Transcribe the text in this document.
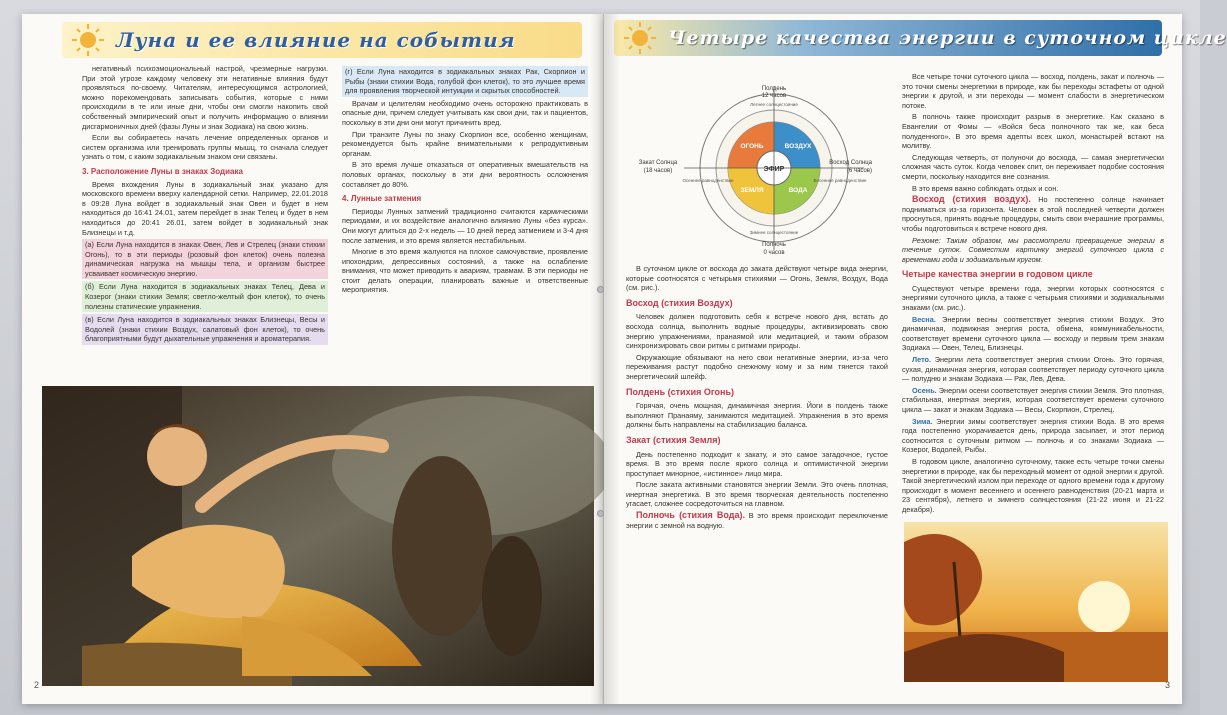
Луна и ее влияние на события

негативный психоэмоциональный настрой, чрезмерные нагрузки. При этой угрозе каждому человеку эти негативные влияния будут проявляться по-своему. Читателям, интересующимся астрологией, можно порекомендовать записывать события, которые с ними происходили в те или иные дни, чтобы они смогли накопить свой собственный эмпирический опыт и получить информацию о влиянии дисгармоничных дней (фазы Луны и знак Зодиака) на свою жизнь.

Если вы собираетесь начать лечение определенных органов и систем организма или тренировать группы мышц, то сначала следует узнать о том, с каким зодиакальным знаком они связаны.

3. Расположение Луны в знаках Зодиака

Время вхождения Луны в зодиакальный знак указано для московского времени вверху календарной сетки. Например, 22.01.2018 в 09:28 Луна войдет в зодиакальный знак Овен и будет в нем находиться до 16:41 24.01, затем перейдет в знак Телец и будет в нем находиться до 20:41 26.01, затем войдет в зодиакальный знак Близнецы и т.д.

(а) Если Луна находится в знаках Овен, Лев и Стрелец (знаки стихии Огонь), то в эти периоды (розовый фон клеток) очень полезна динамическая нагрузка на мышцы тела, и организм быстрее усваивает космическую энергию.
(б) Если Луна находится в зодиакальных знаках Телец, Дева и Козерог (знаки стихии Земля; светло-желтый фон клеток), то очень полезны статические упражнения.
(в) Если Луна находится в зодиакальных знаках Близнецы, Весы и Водолей (знаки стихии Воздух, салатовый фон клеток), то очень благоприятными будут дыхательные упражнения и ароматерапия.
(г) Если Луна находится в зодиакальных знаках Рак, Скорпион и Рыбы (знаки стихии Вода, голубой фон клеток), то это лучшее время для проявления творческой интуиции и скрытых способностей.

Врачам и целителям необходимо очень осторожно практиковать в опасные дни, причем следует учитывать как свои дни, так и пациентов, поскольку в эти дни они могут причинить вред.

При транзите Луны по знаку Скорпион все, особенно женщинам, рекомендуется быть крайне внимательными к репродуктивным органам.

В это время лучше отказаться от оперативных вмешательств на половых органах, поскольку в эти дни вероятность осложнения составляет до 80%.

4. Лунные затмения

Периоды Лунных затмений традиционно считаются кармическими периодами, и их воздействие аналогично влиянию Луны «без курса». Они могут длиться до 2-х недель — 10 дней перед затмением и 3-4 дня после затмения, и это время является нестабильным.

Многие в это время жалуются на плохое самочувствие, проявление ипохондрии, депрессивных состояний, а также на ослабление внимания, что может приводить к авариям, травмам. В эти периоды не стоит делать операции, планировать важные и ответственные мероприятия.

2
Четыре качества энергии в суточном цикле
ЭФИР
ОГОНЬ	ВОЗДУХ
ЗЕМЛЯ	ВОДА
Полдень
12 часов
Летнее солнцестояние
Зимнее солнцестояние
Полночь
0 часов
Закат Солнца
(18 часов)
Осеннее равноденствие	Весеннее равноденствие
Восход Солнца
(6 часов)

В суточном цикле от восхода до заката действуют четыре вида энергии, которые соотносятся с четырьмя стихиями — Огонь, Земля, Воздух, Вода (см. рис.).

Восход (стихия Воздух)

Человек должен подготовить себя к встрече нового дня, встать до восхода солнца, выполнить водные процедуры, активизировать свою энергию упражнениями, пранаямой или медитацией, и таким образом синхронизировать свои ритмы с ритмами природы.

Окружающие обязывают на него свои негативные энергии, из-за чего переживания растут подобно снежному кому и за ним тянется такой энергетический шлейф.

Полдень (стихия Огонь)

Горячая, очень мощная, динамичная энергия. Йоги в полдень также выполняют Пранаяму, занимаются медитацией. Упражнения в это время должны быть направлены на стабилизацию баланса.

Закат (стихия Земля)

День постепенно подходит к закату, и это самое загадочное, густое время. В это время после яркого солнца и оптимистичной энергии проступает минорное, «истинное» лицо мира.

После заката активными становятся энергии Земли. Это очень плотная, инертная энергетика. В это время творческая деятельность постепенно угасает, сложнее сосредоточиться на главном.

Полночь (стихия Вода). В это время происходит переключение энергии с земной на водную.

Все четыре точки суточного цикла — восход, полдень, закат и полночь — это точки смены энергетики в природе, как бы переходы эстафеты от одной энергии к другой, и эти переходы — момент слабости в энергетическом потоке.

В полночь также происходит разрыв в энергетике. Как сказано в Евангелии от Фомы — «Войся беса полночного так же, как беса полуденного». В это время адепты всех школ, монастырей встают на молитву.

Следующая четверть, от полуночи до восхода, — самая энергетически сложная часть суток. Когда человек спит, он переживает подобие состояния смерти, поскольку находится вне сознания.

В это время важно соблюдать отдых и сон.

Восход (стихия воздух). Но постепенно солнце начинает подниматься из-за горизонта. Человек в этой последней четверти должен проснуться, принять водные процедуры, смыть свои вчерашние программы, чтобы подготовиться к встрече нового дня.

Резюме: Таким образом, мы рассмотрели превращение энергии в течение суток. Совместим картинку энергий суточного цикла с временами года и зодиакальным кругом.

Четыре качества энергии в годовом цикле

Существуют четыре времени года, энергии которых соотносятся с энергиями суточного цикла, а также с четырьмя стихиями и зодиакальными знаками (см. рис.).

Весна. Энергии весны соответствует энергия стихии Воздух. Это динамичная, подвижная энергия роста, обмена, коммуникабельности, соответствует времени суточного цикла — восходу и первым трем знакам Зодиака — Овен, Телец, Близнецы.

Лето. Энергии лета соответствует энергия стихии Огонь. Это горячая, сухая, динамичная энергия, которая соответствует периоду суточного цикла — полудню и знакам Зодиака — Рак, Лев, Дева.

Осень. Энергии осени соответствует энергия стихии Земля. Это плотная, стабильная, инертная энергия, которая соответствует времени суточного цикла — закат и знакам Зодиака — Весы, Скорпион, Стрелец.

Зима. Энергии зимы соответствует энергия стихии Вода. В это время года постепенно укорачивается день, природа засыпает, и этот период соотносится с суточным ритмом — полночь и со знаками Зодиака — Козерог, Водолей, Рыбы.

В годовом цикле, аналогично суточному, также есть четыре точки смены энергетики в природе, как бы переходный момент от одной энергии к другой. Такой энергетический излом при переходе от одного времени года к другому происходит в момент весеннего и осеннего равноденствия (20-21 марта и 23 сентября), летнего и зимнего солнцестояния (21-22 июня и 21-22 декабря).

3
